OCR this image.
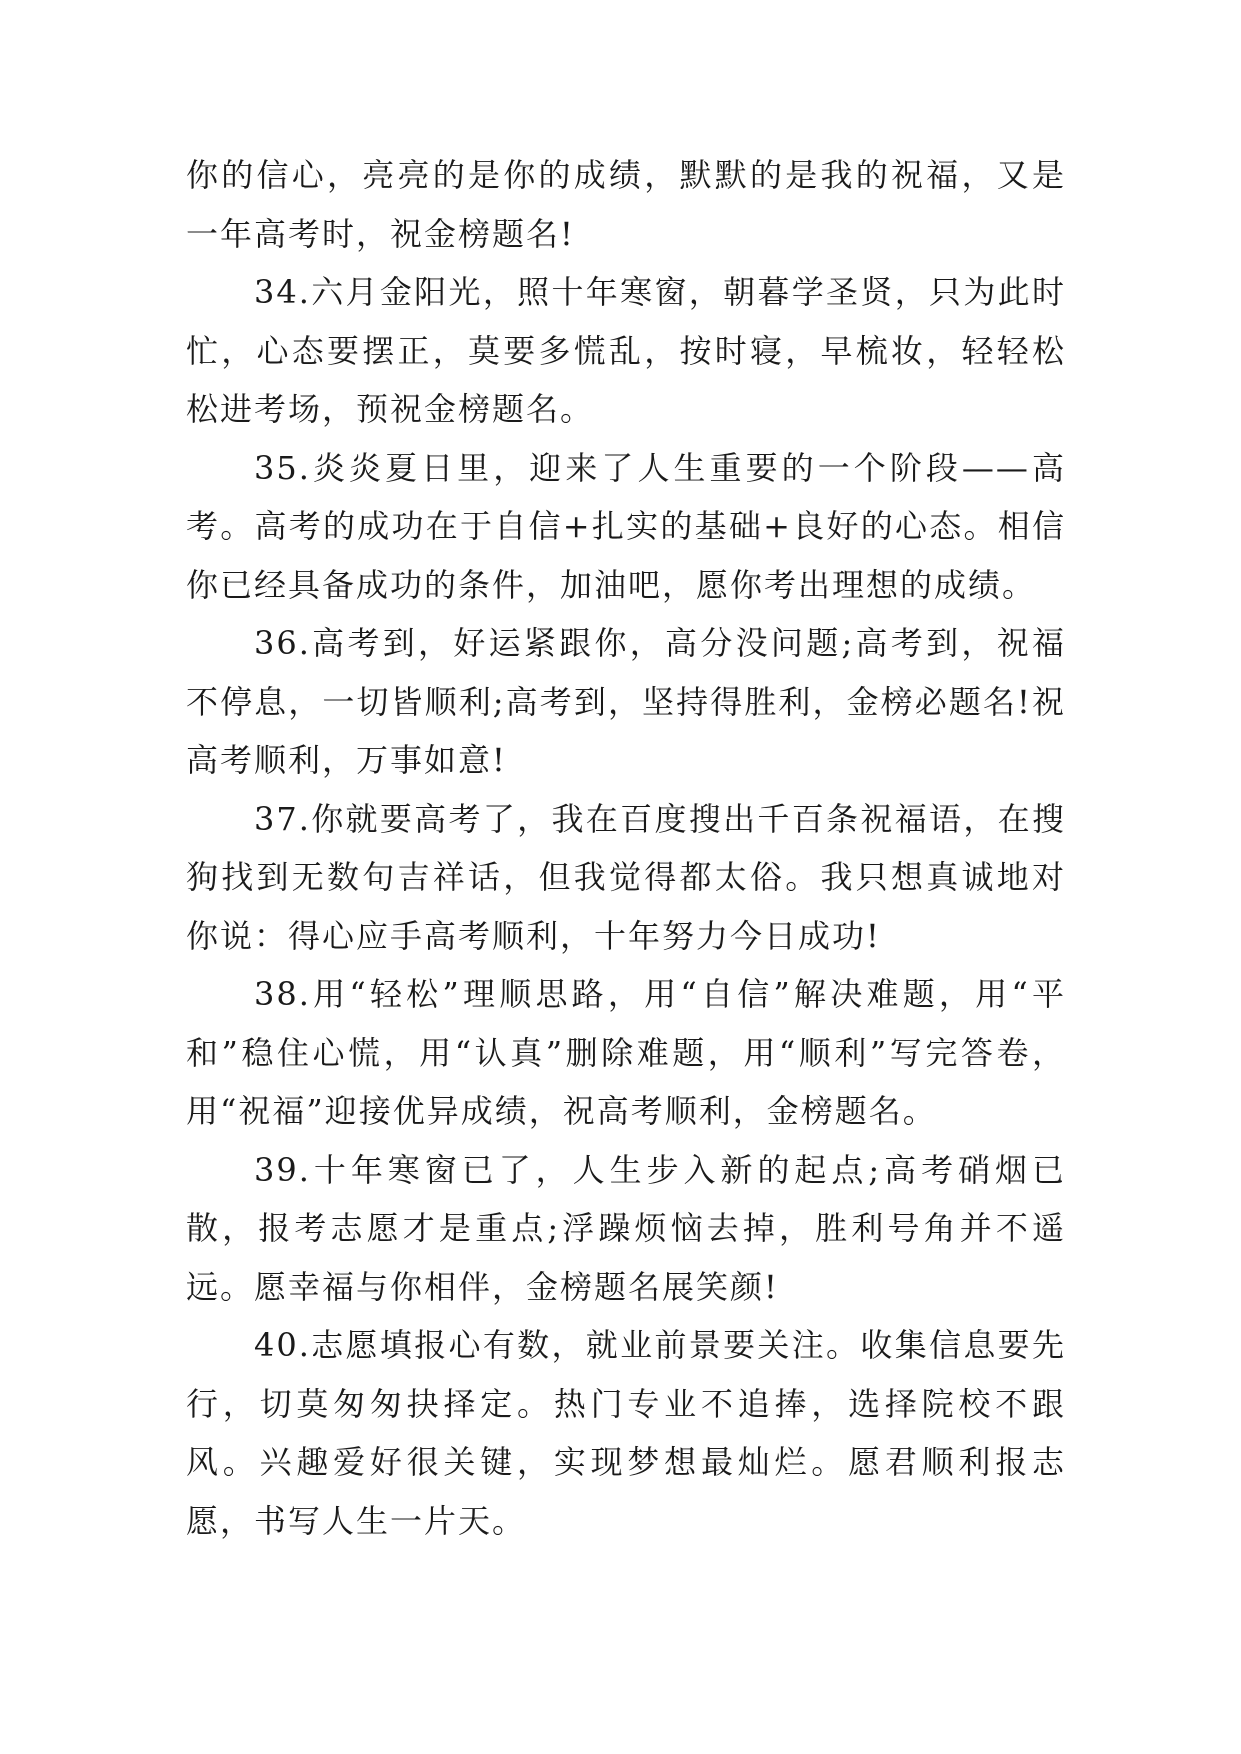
你的信心，亮亮的是你的成绩，默默的是我的祝福，又是一年高考时，祝金榜题名!

34.六月金阳光，照十年寒窗，朝暮学圣贤，只为此时忙，心态要摆正，莫要多慌乱，按时寝，早梳妆，轻轻松松进考场，预祝金榜题名。

35.炎炎夏日里，迎来了人生重要的一个阶段——高考。高考的成功在于自信+扎实的基础+良好的心态。相信你已经具备成功的条件，加油吧，愿你考出理想的成绩。

36.高考到，好运紧跟你，高分没问题;高考到，祝福不停息，一切皆顺利;高考到，坚持得胜利，金榜必题名!祝高考顺利，万事如意!

37.你就要高考了，我在百度搜出千百条祝福语，在搜狗找到无数句吉祥话，但我觉得都太俗。我只想真诚地对你说：得心应手高考顺利，十年努力今日成功!

38.用“轻松”理顺思路，用“自信”解决难题，用“平和”稳住心慌，用“认真”删除难题，用“顺利”写完答卷，用“祝福”迎接优异成绩，祝高考顺利，金榜题名。

39.十年寒窗已了，人生步入新的起点;高考硝烟已散，报考志愿才是重点;浮躁烦恼去掉，胜利号角并不遥远。愿幸福与你相伴，金榜题名展笑颜!

40.志愿填报心有数，就业前景要关注。收集信息要先行，切莫匆匆抉择定。热门专业不追捧，选择院校不跟风。兴趣爱好很关键，实现梦想最灿烂。愿君顺利报志愿，书写人生一片天。
